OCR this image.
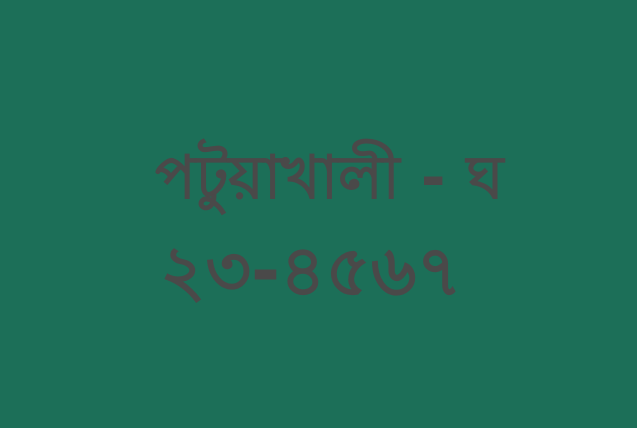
পটুয়াখালী - ঘ
২৩-৪৫৬৭
